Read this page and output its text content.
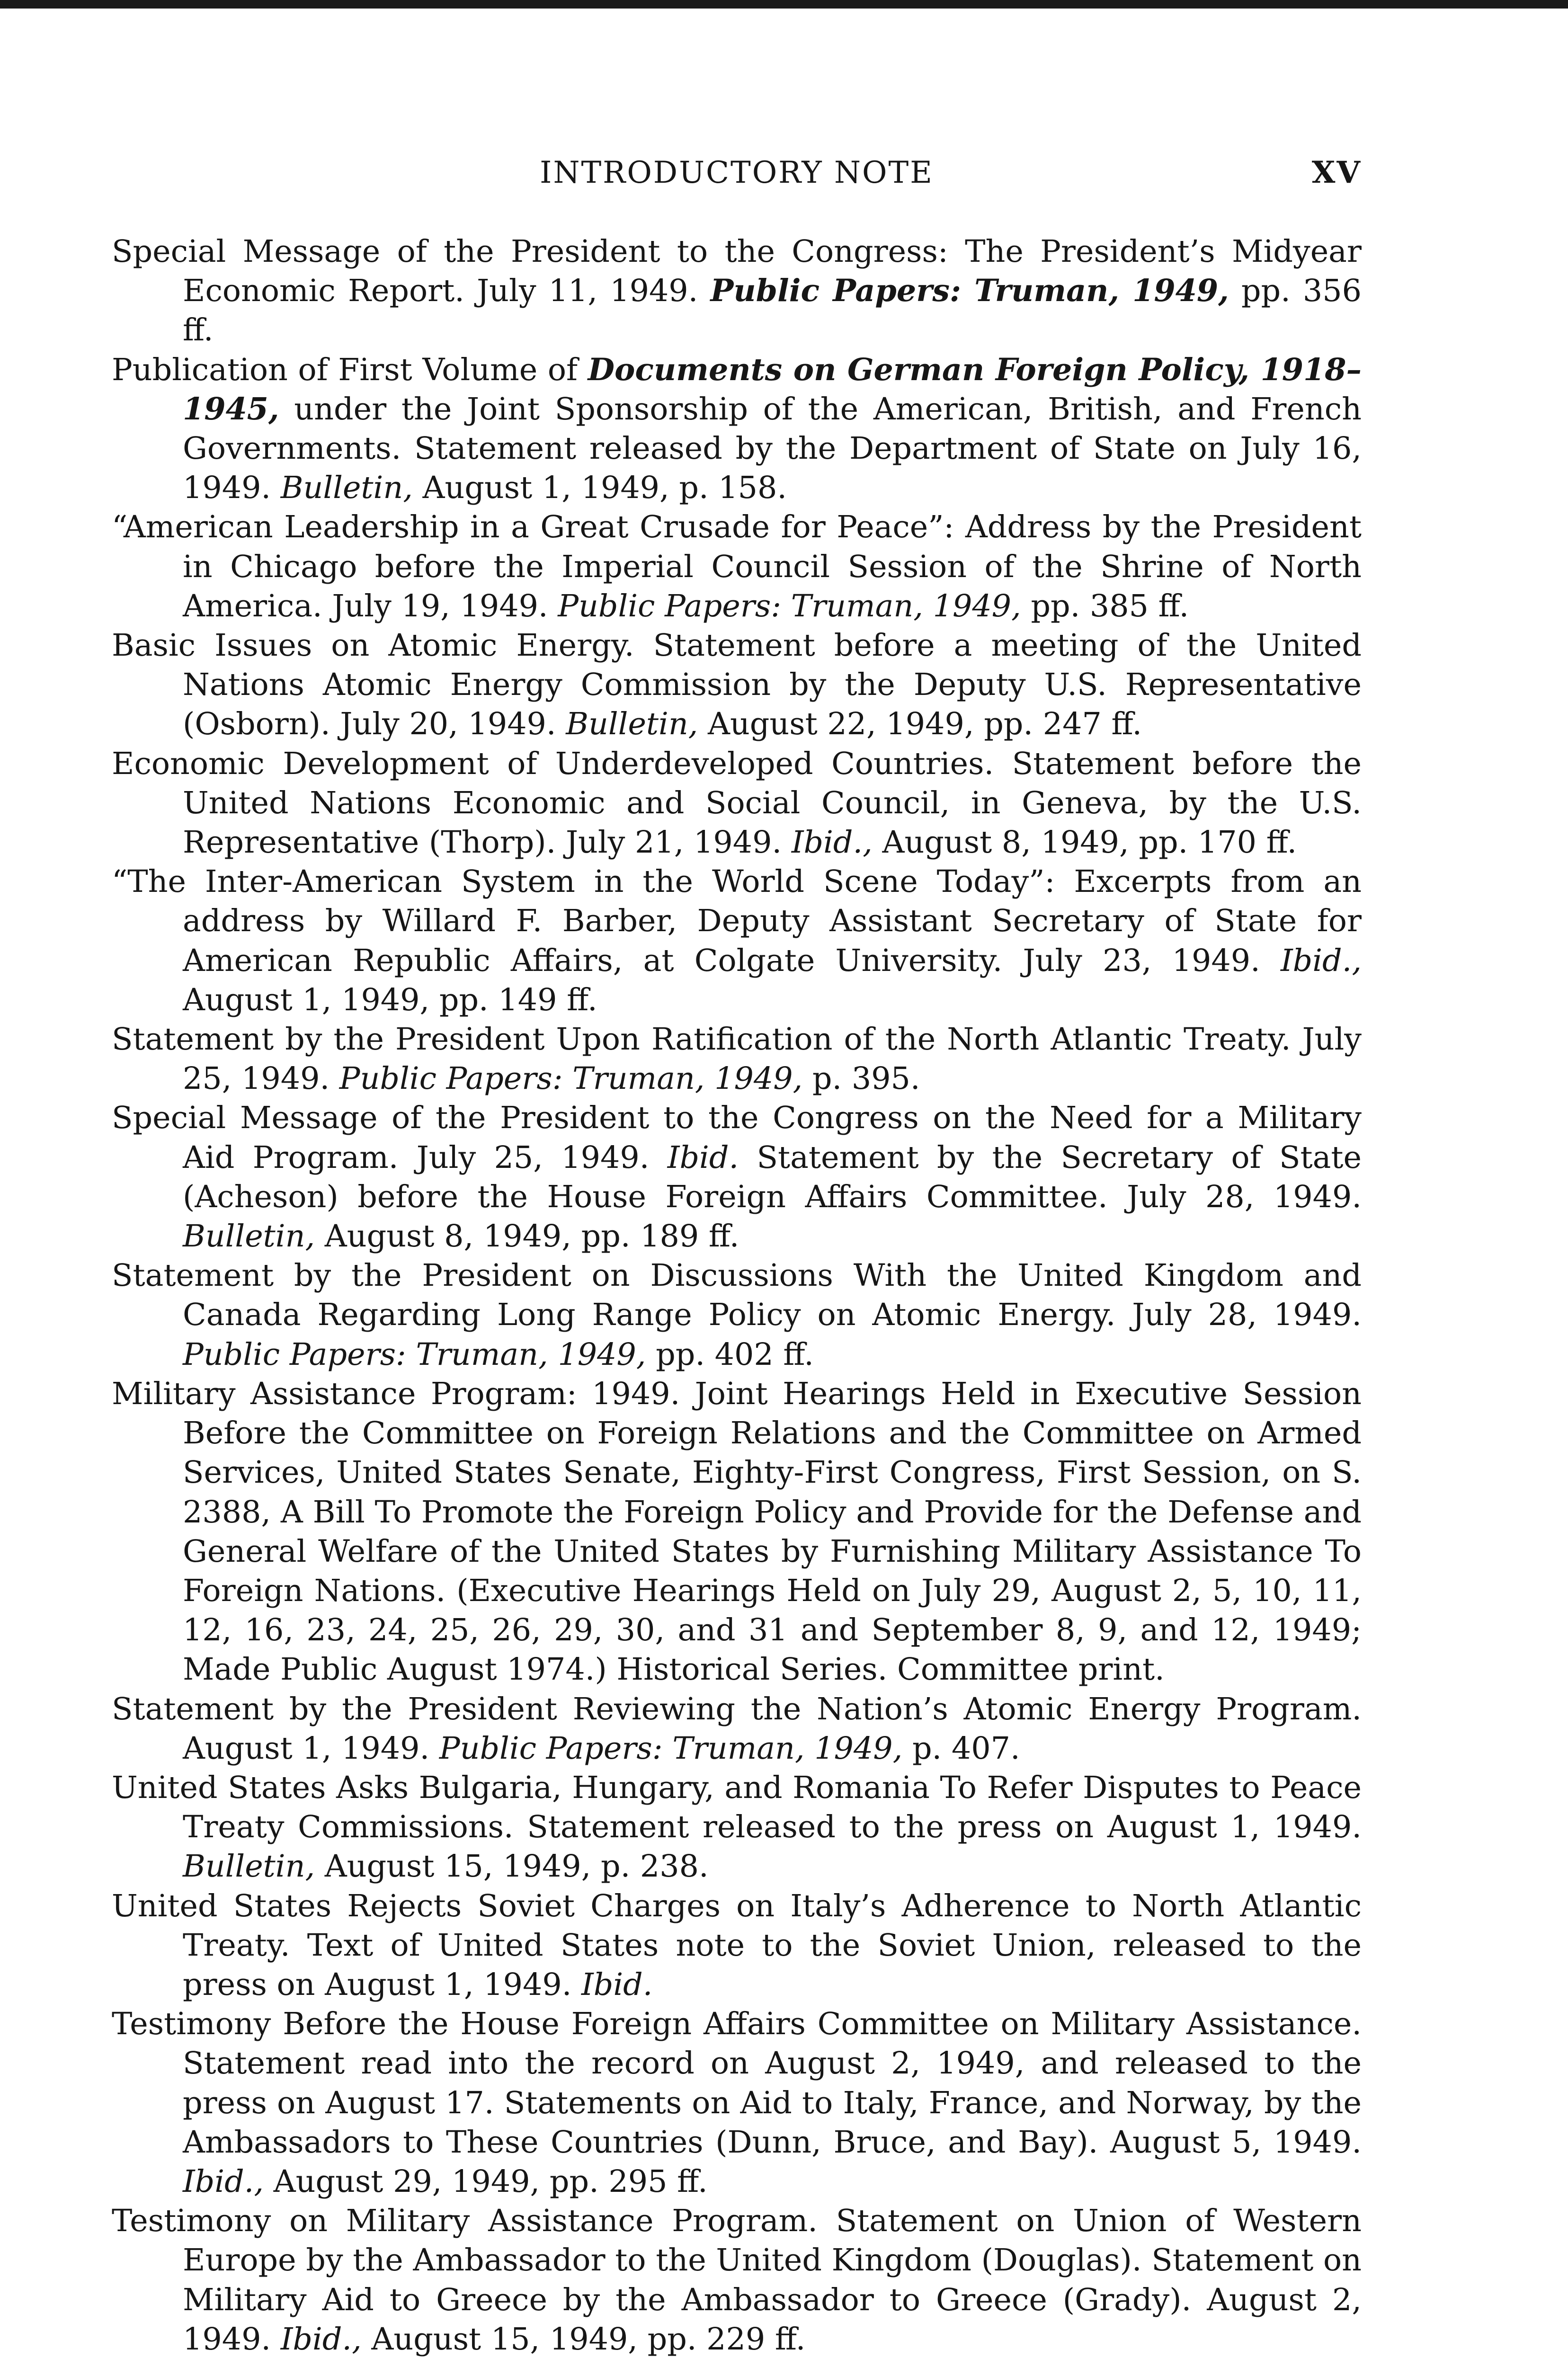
INTRODUCTORY NOTE	XV

Special Message of the President to the Congress: The President’s Midyear Economic Report. July 11, 1949. Public Papers: Truman, 1949, pp. 356 ff.

Publication of First Volume of Documents on German Foreign Policy, 1918–1945, under the Joint Sponsorship of the American, British, and French Governments. Statement released by the Department of State on July 16, 1949. Bulletin, August 1, 1949, p. 158.

“American Leadership in a Great Crusade for Peace”: Address by the President in Chicago before the Imperial Council Session of the Shrine of North America. July 19, 1949. Public Papers: Truman, 1949, pp. 385 ff.

Basic Issues on Atomic Energy. Statement before a meeting of the United Nations Atomic Energy Commission by the Deputy U.S. Representative (Osborn). July 20, 1949. Bulletin, August 22, 1949, pp. 247 ff.

Economic Development of Underdeveloped Countries. Statement before the United Nations Economic and Social Council, in Geneva, by the U.S. Representative (Thorp). July 21, 1949. Ibid., August 8, 1949, pp. 170 ff.

“The Inter-American System in the World Scene Today”: Excerpts from an address by Willard F. Barber, Deputy Assistant Secretary of State for American Republic Affairs, at Colgate University. July 23, 1949. Ibid., August 1, 1949, pp. 149 ff.

Statement by the President Upon Ratification of the North Atlantic Treaty. July 25, 1949. Public Papers: Truman, 1949, p. 395.

Special Message of the President to the Congress on the Need for a Military Aid Program. July 25, 1949. Ibid. Statement by the Secretary of State (Acheson) before the House Foreign Affairs Committee. July 28, 1949. Bulletin, August 8, 1949, pp. 189 ff.

Statement by the President on Discussions With the United Kingdom and Canada Regarding Long Range Policy on Atomic Energy. July 28, 1949. Public Papers: Truman, 1949, pp. 402 ff.

Military Assistance Program: 1949. Joint Hearings Held in Executive Session Before the Committee on Foreign Relations and the Committee on Armed Services, United States Senate, Eighty-First Congress, First Session, on S. 2388, A Bill To Promote the Foreign Policy and Provide for the Defense and General Welfare of the United States by Furnishing Military Assistance To Foreign Nations. (Executive Hearings Held on July 29, August 2, 5, 10, 11, 12, 16, 23, 24, 25, 26, 29, 30, and 31 and September 8, 9, and 12, 1949; Made Public August 1974.) Historical Series. Committee print.

Statement by the President Reviewing the Nation’s Atomic Energy Program. August 1, 1949. Public Papers: Truman, 1949, p. 407.

United States Asks Bulgaria, Hungary, and Romania To Refer Disputes to Peace Treaty Commissions. Statement released to the press on August 1, 1949. Bulletin, August 15, 1949, p. 238.

United States Rejects Soviet Charges on Italy’s Adherence to North Atlantic Treaty. Text of United States note to the Soviet Union, released to the press on August 1, 1949. Ibid.

Testimony Before the House Foreign Affairs Committee on Military Assistance. Statement read into the record on August 2, 1949, and released to the press on August 17. Statements on Aid to Italy, France, and Norway, by the Ambassadors to These Countries (Dunn, Bruce, and Bay). August 5, 1949. Ibid., August 29, 1949, pp. 295 ff.

Testimony on Military Assistance Program. Statement on Union of Western Europe by the Ambassador to the United Kingdom (Douglas). Statement on Military Aid to Greece by the Ambassador to Greece (Grady). August 2, 1949. Ibid., August 15, 1949, pp. 229 ff.
